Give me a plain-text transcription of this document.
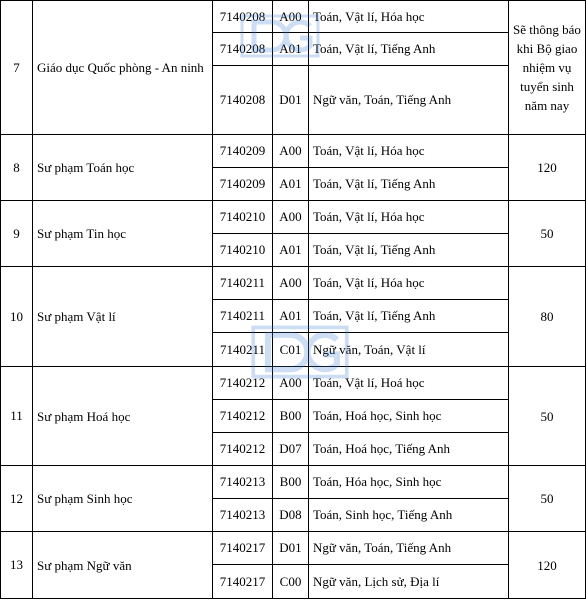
7	Giáo dục Quốc phòng - An ninh	7140208	A00	Toán, Vật lí, Hóa học	Sẽ thông báo khi Bộ giao nhiệm vụ tuyển sinh năm nay
		7140208	A01	Toán, Vật lí, Tiếng Anh	
		7140208	D01	Ngữ văn, Toán, Tiếng Anh	
8	Sư phạm Toán học	7140209	A00	Toán, Vật lí, Hóa học	120
		7140209	A01	Toán, Vật lí, Tiếng Anh	
9	Sư phạm Tin học	7140210	A00	Toán, Vật lí, Hóa học	50
		7140210	A01	Toán, Vật lí, Tiếng Anh	
10	Sư phạm Vật lí	7140211	A00	Toán, Vật lí, Hóa học	80
		7140211	A01	Toán, Vật lí, Tiếng Anh	
		7140211	C01	Ngữ văn, Toán, Vật lí	
11	Sư phạm Hoá học	7140212	A00	Toán, Vật lí, Hoá học	50
		7140212	B00	Toán, Hoá học, Sinh học	
		7140212	D07	Toán, Hoá học, Tiếng Anh	
12	Sư phạm Sinh học	7140213	B00	Toán, Hóa học, Sinh học	50
		7140213	D08	Toán, Sinh học, Tiếng Anh	
13	Sư phạm Ngữ văn	7140217	D01	Ngữ văn, Toán, Tiếng Anh	120
		7140217	C00	Ngữ văn, Lịch sử, Địa lí	
